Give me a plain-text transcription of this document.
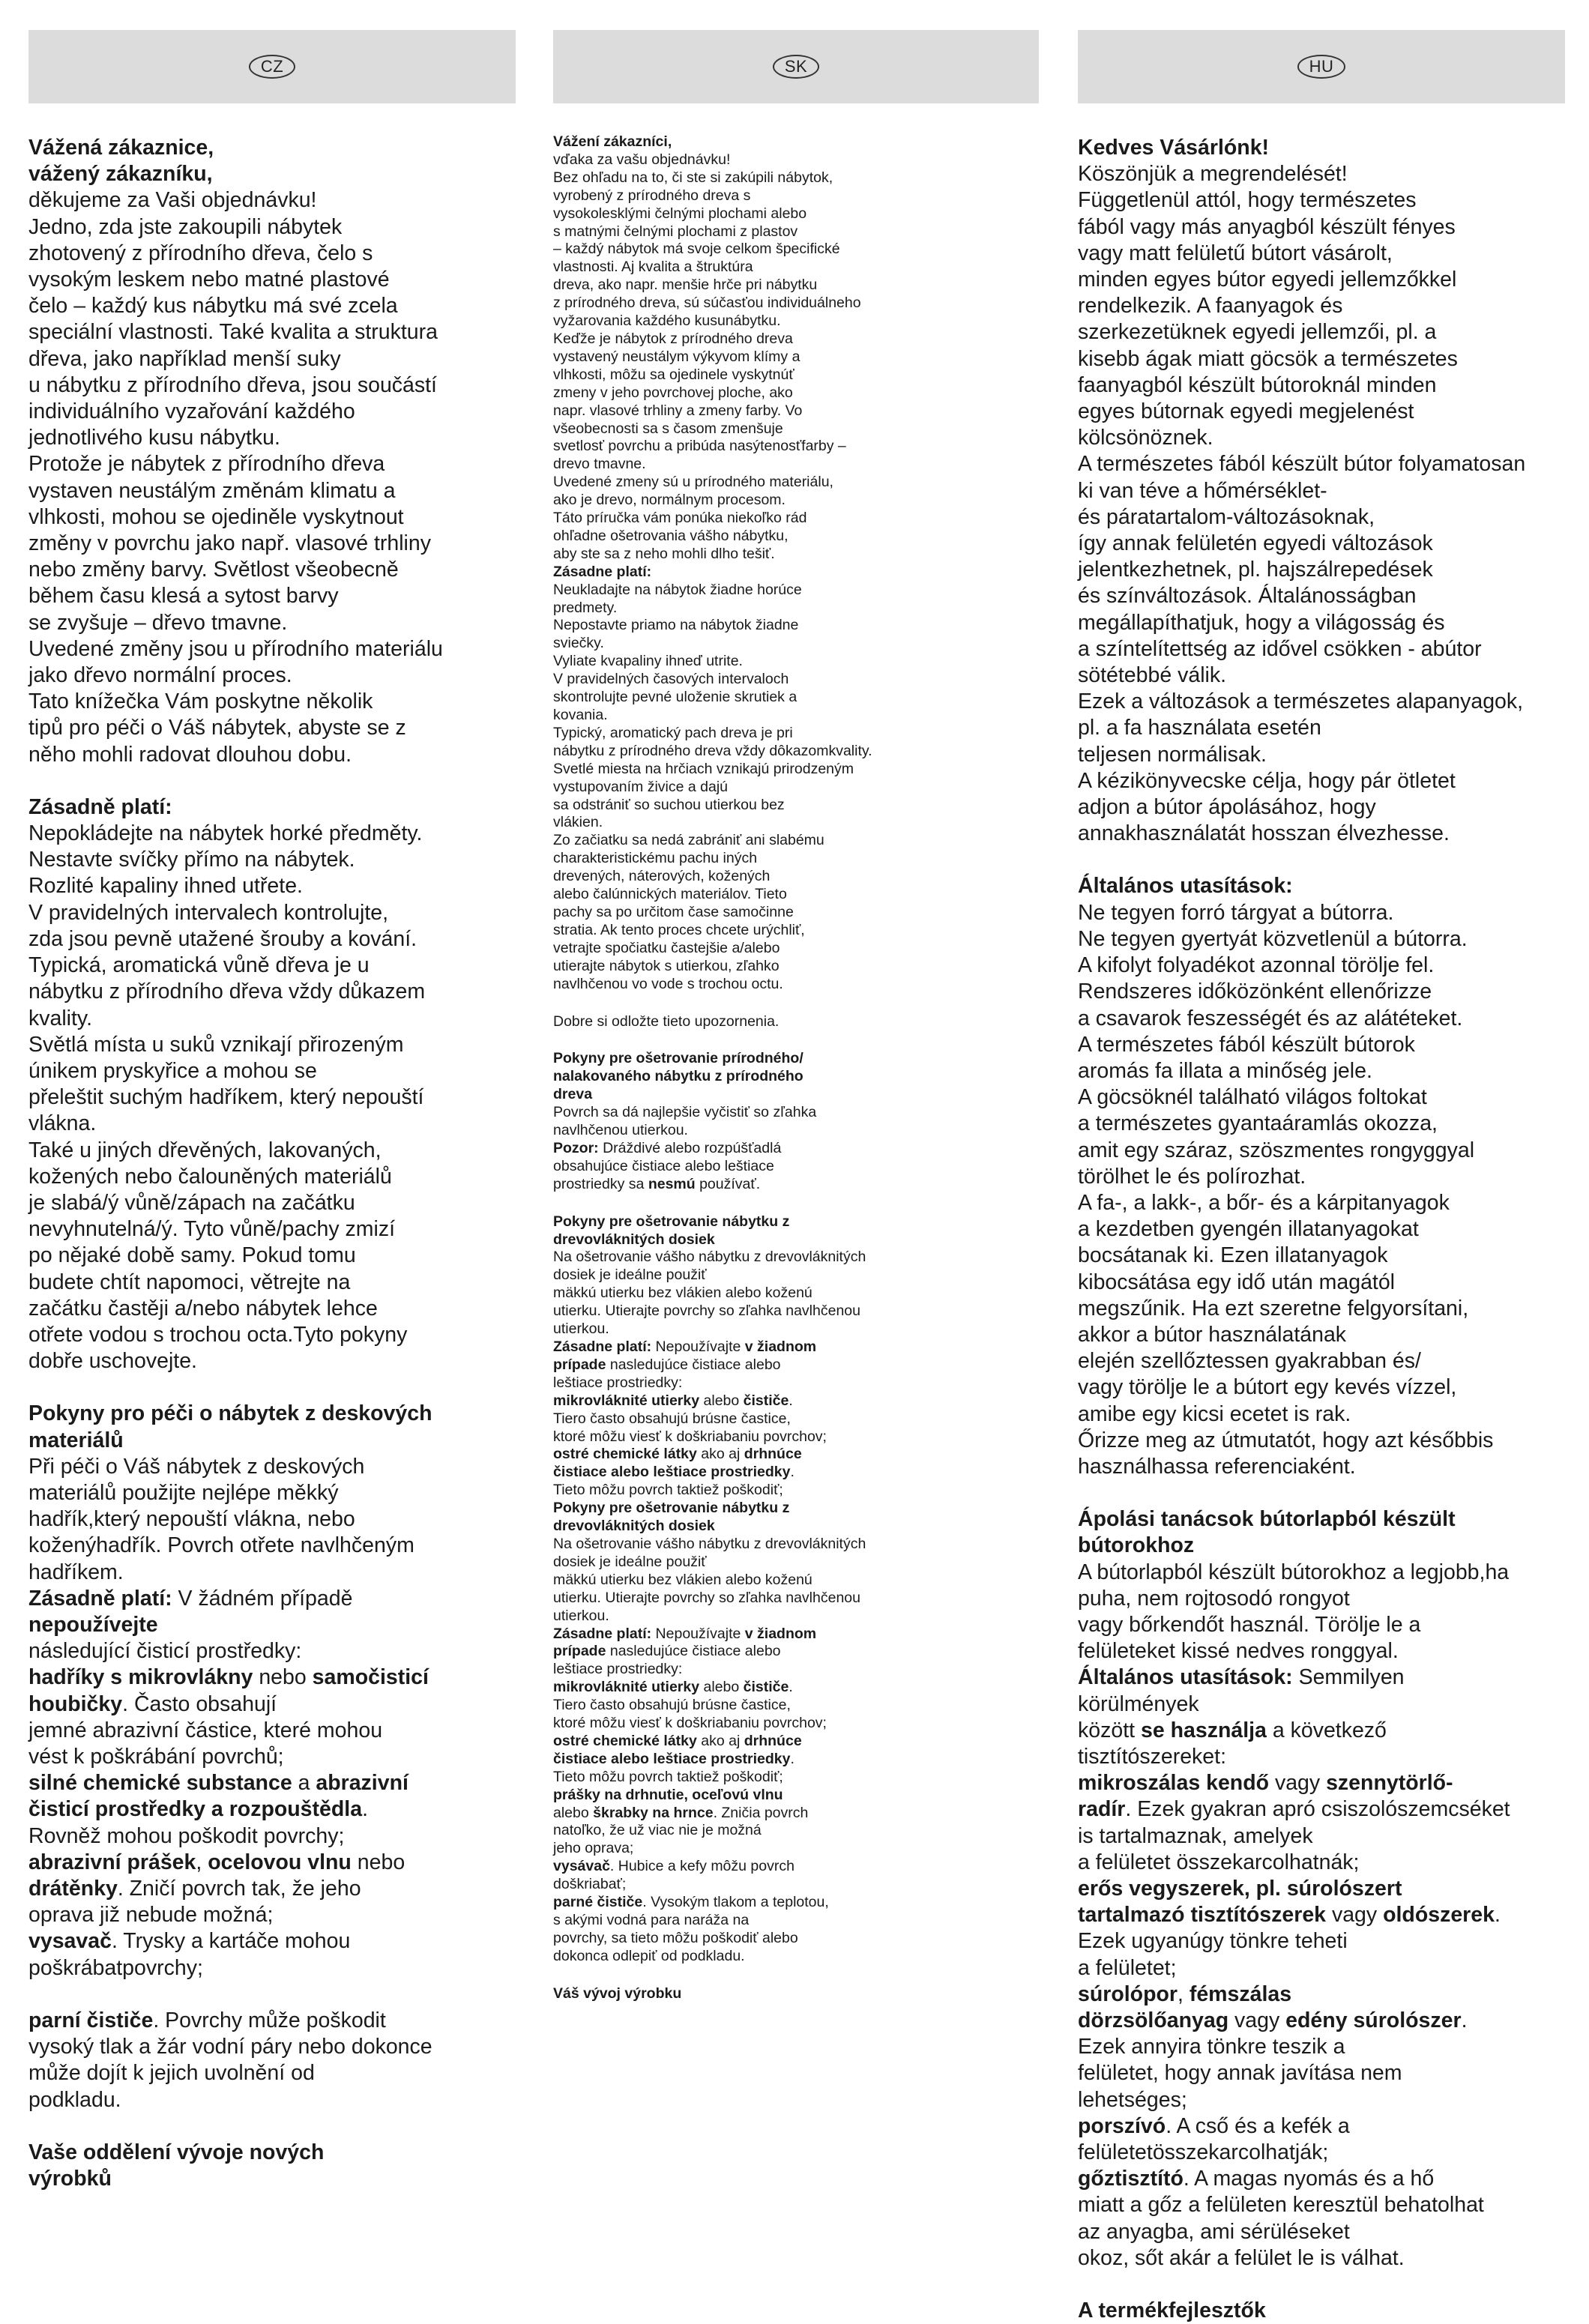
CZ

Vážená zákaznice,
vážený zákazníku,

děkujeme za Vaši objednávku!
Jedno, zda jste zakoupili nábytek
zhotovený z přírodního dřeva, čelo s
vysokým leskem nebo matné plastové
čelo – každý kus nábytku má své zcela
speciální vlastnosti. Také kvalita a struktura
dřeva, jako například menší suky
u nábytku z přírodního dřeva, jsou součástí
individuálního vyzařování každého
jednotlivého kusu nábytku.
Protože je nábytek z přírodního dřeva
vystaven neustálým změnám klimatu a
vlhkosti, mohou se ojediněle vyskytnout
změny v povrchu jako např. vlasové trhliny
nebo změny barvy. Světlost všeobecně
během času klesá a sytost barvy
se zvyšuje – dřevo tmavne.
Uvedené změny jsou u přírodního materiálu
jako dřevo normální proces.
Tato knížečka Vám poskytne několik
tipů pro péči o Váš nábytek, abyste se z
něho mohli radovat dlouhou dobu.

Zásadně platí:

Nepokládejte na nábytek horké předměty.
Nestavte svíčky přímo na nábytek.
Rozlité kapaliny ihned utřete.
V pravidelných intervalech kontrolujte,
zda jsou pevně utažené šrouby a kování.
Typická, aromatická vůně dřeva je u
nábytku z přírodního dřeva vždy důkazem
kvality.
Světlá místa u suků vznikají přirozeným
únikem pryskyřice a mohou se
přeleštit suchým hadříkem, který nepouští
vlákna.
Také u jiných dřevěných, lakovaných,
kožených nebo čalouněných materiálů
je slabá/ý vůně/zápach na začátku
nevyhnutelná/ý. Tyto vůně/pachy zmizí
po nějaké době samy. Pokud tomu
budete chtít napomoci, větrejte na
začátku častěji a/nebo nábytek lehce
otřete vodou s trochou octa.Tyto pokyny
dobře uschovejte.

Pokyny pro péči o nábytek z deskových
materiálů

Při péči o Váš nábytek z deskových
materiálů použijte nejlépe měkký
hadřík,který nepouští vlákna, nebo
koženýhadřík. Povrch otřete navlhčeným
hadříkem.

Zásadně platí: V žádném případě
nepoužívejte
následující čisticí prostředky:
hadříky s mikrovlákny nebo samočisticí
houbičky. Často obsahují
jemné abrazivní částice, které mohou
vést k poškrábání povrchů;
silné chemické substance a abrazivní
čisticí prostředky a rozpouštědla.
Rovněž mohou poškodit povrchy;
abrazivní prášek, ocelovou vlnu nebo
drátěnky. Zničí povrch tak, že jeho
oprava již nebude možná;
vysavač. Trysky a kartáče mohou
poškrábatpovrchy;

parní čističe. Povrchy může poškodit
vysoký tlak a žár vodní páry nebo dokonce
může dojít k jejich uvolnění od
podkladu.

Vaše oddělení vývoje nových
výrobků

SK

Vážení zákazníci,

vďaka za vašu objednávku!
Bez ohľadu na to, či ste si zakúpili nábytok,
vyrobený z prírodného dreva s
vysokolesklými čelnými plochami alebo
s matnými čelnými plochami z plastov
– každý nábytok má svoje celkom špecifické
vlastnosti. Aj kvalita a štruktúra
dreva, ako napr. menšie hrče pri nábytku
z prírodného dreva, sú súčasťou individuálneho
vyžarovania každého kusunábytku.
Keďže je nábytok z prírodného dreva
vystavený neustálym výkyvom klímy a
vlhkosti, môžu sa ojedinele vyskytnúť
zmeny v jeho povrchovej ploche, ako
napr. vlasové trhliny a zmeny farby. Vo
všeobecnosti sa s časom zmenšuje
svetlosť povrchu a pribúda nasýtenosťfarby –
drevo tmavne.
Uvedené zmeny sú u prírodného materiálu,
ako je drevo, normálnym procesom.
Táto príručka vám ponúka niekoľko rád
ohľadne ošetrovania vášho nábytku,
aby ste sa z neho mohli dlho tešiť.

Zásadne platí:

Neukladajte na nábytok žiadne horúce
predmety.
Nepostavte priamo na nábytok žiadne
sviečky.
Vyliate kvapaliny ihneď utrite.
V pravidelných časových intervaloch
skontrolujte pevné uloženie skrutiek a
kovania.
Typický, aromatický pach dreva je pri
nábytku z prírodného dreva vždy dôkazomkvality.
Svetlé miesta na hrčiach vznikajú prirodzeným
vystupovaním živice a dajú
sa odstrániť so suchou utierkou bez
vlákien.
Zo začiatku sa nedá zabrániť ani slabému
charakteristickému pachu iných
drevených, náterových, kožených
alebo čalúnnických materiálov. Tieto
pachy sa po určitom čase samočinne
stratia. Ak tento proces chcete urýchliť,
vetrajte spočiatku častejšie a/alebo
utierajte nábytok s utierkou, zľahko
navlhčenou vo vode s trochou octu.

Dobre si odložte tieto upozornenia.

Pokyny pre ošetrovanie prírodného/
nalakovaného nábytku z prírodného
dreva

Povrch sa dá najlepšie vyčistiť so zľahka
navlhčenou utierkou.

Pozor: Dráždivé alebo rozpúšťadlá
obsahujúce čistiace alebo leštiace
prostriedky sa nesmú používať.

Pokyny pre ošetrovanie nábytku z
drevovláknitých dosiek

Na ošetrovanie vášho nábytku z drevovláknitých
dosiek je ideálne použiť
mäkkú utierku bez vlákien alebo koženú
utierku. Utierajte povrchy so zľahka navlhčenou
utierkou.

Zásadne platí: Nepoužívajte v žiadnom
prípade nasledujúce čistiace alebo
leštiace prostriedky:
mikrovláknité utierky alebo čističe.
Tiero často obsahujú brúsne častice,
ktoré môžu viesť k doškriabaniu povrchov;
ostré chemické látky ako aj drhnúce
čistiace alebo leštiace prostriedky.
Tieto môžu povrch taktiež poškodiť;

Pokyny pre ošetrovanie nábytku z
drevovláknitých dosiek

Na ošetrovanie vášho nábytku z drevovláknitých
dosiek je ideálne použiť
mäkkú utierku bez vlákien alebo koženú
utierku. Utierajte povrchy so zľahka navlhčenou
utierkou.

Zásadne platí: Nepoužívajte v žiadnom
prípade nasledujúce čistiace alebo
leštiace prostriedky:
mikrovláknité utierky alebo čističe.
Tiero často obsahujú brúsne častice,
ktoré môžu viesť k doškriabaniu povrchov;
ostré chemické látky ako aj drhnúce
čistiace alebo leštiace prostriedky.
Tieto môžu povrch taktiež poškodiť;
prášky na drhnutie, oceľovú vlnu
alebo škrabky na hrnce. Zničia povrch
natoľko, že už viac nie je možná
jeho oprava;
vysávač. Hubice a kefy môžu povrch
doškriabať;
parné čističe. Vysokým tlakom a teplotou,
s akými vodná para naráža na
povrchy, sa tieto môžu poškodiť alebo
dokonca odlepiť od podkladu.

Váš vývoj výrobku

HU

Kedves Vásárlónk!

Köszönjük a megrendelését!
Függetlenül attól, hogy természetes
fából vagy más anyagból készült fényes
vagy matt felületű bútort vásárolt,
minden egyes bútor egyedi jellemzőkkel
rendelkezik. A faanyagok és
szerkezetüknek egyedi jellemzői, pl. a
kisebb ágak miatt göcsök a természetes
faanyagból készült bútoroknál minden
egyes bútornak egyedi megjelenést
kölcsönöznek.
A természetes fából készült bútor folyamatosan
ki van téve a hőmérséklet-
és páratartalom-változásoknak,
így annak felületén egyedi változások
jelentkezhetnek, pl. hajszálrepedések
és színváltozások. Általánosságban
megállapíthatjuk, hogy a világosság és
a színtelítettség az idővel csökken - abútor
sötétebbé válik.
Ezek a változások a természetes alapanyagok,
pl. a fa használata esetén
teljesen normálisak.
A kézikönyvecske célja, hogy pár ötletet
adjon a bútor ápolásához, hogy
annakhasználatát hosszan élvezhesse.

Általános utasítások:

Ne tegyen forró tárgyat a bútorra.
Ne tegyen gyertyát közvetlenül a bútorra.
A kifolyt folyadékot azonnal törölje fel.
Rendszeres időközönként ellenőrizze
a csavarok feszességét és az alátéteket.
A természetes fából készült bútorok
aromás fa illata a minőség jele.
A göcsöknél található világos foltokat
a természetes gyantaáramlás okozza,
amit egy száraz, szöszmentes rongyggyal
törölhet le és polírozhat.
A fa-, a lakk-, a bőr- és a kárpitanyagok
a kezdetben gyengén illatanyagokat
bocsátanak ki. Ezen illatanyagok
kibocsátása egy idő után magától
megszűnik. Ha ezt szeretne felgyorsítani,
akkor a bútor használatának
elején szellőztessen gyakrabban és/
vagy törölje le a bútort egy kevés vízzel,
amibe egy kicsi ecetet is rak.
Őrizze meg az útmutatót, hogy azt későbbis
használhassa referenciaként.

Ápolási tanácsok bútorlapból készült
bútorokhoz

A bútorlapból készült bútorokhoz a legjobb,ha
puha, nem rojtosodó rongyot
vagy bőrkendőt használ. Törölje le a
felületeket kissé nedves ronggyal.

Általános utasítások: Semmilyen
körülmények
között se használja a következő
tisztítószereket:
mikroszálas kendő vagy szennytörlő-
radír. Ezek gyakran apró csiszolószemcséket
is tartalmaznak, amelyek
a felületet összekarcolhatnák;
erős vegyszerek, pl. súrolószert
tartalmazó tisztítószerek vagy oldószerek.
Ezek ugyanúgy tönkre teheti
a felületet;
súrolópor, fémszálas
dörzsölőanyag vagy edény súrolószer.
Ezek annyira tönkre teszik a
felületet, hogy annak javítása nem
lehetséges;
porszívó. A cső és a kefék a
felületetösszekarcolhatják;
gőztisztító. A magas nyomás és a hő
miatt a gőz a felületen keresztül behatolhat
az anyagba, ami sérüléseket
okoz, sőt akár a felület le is válhat.

A termékfejlesztők
